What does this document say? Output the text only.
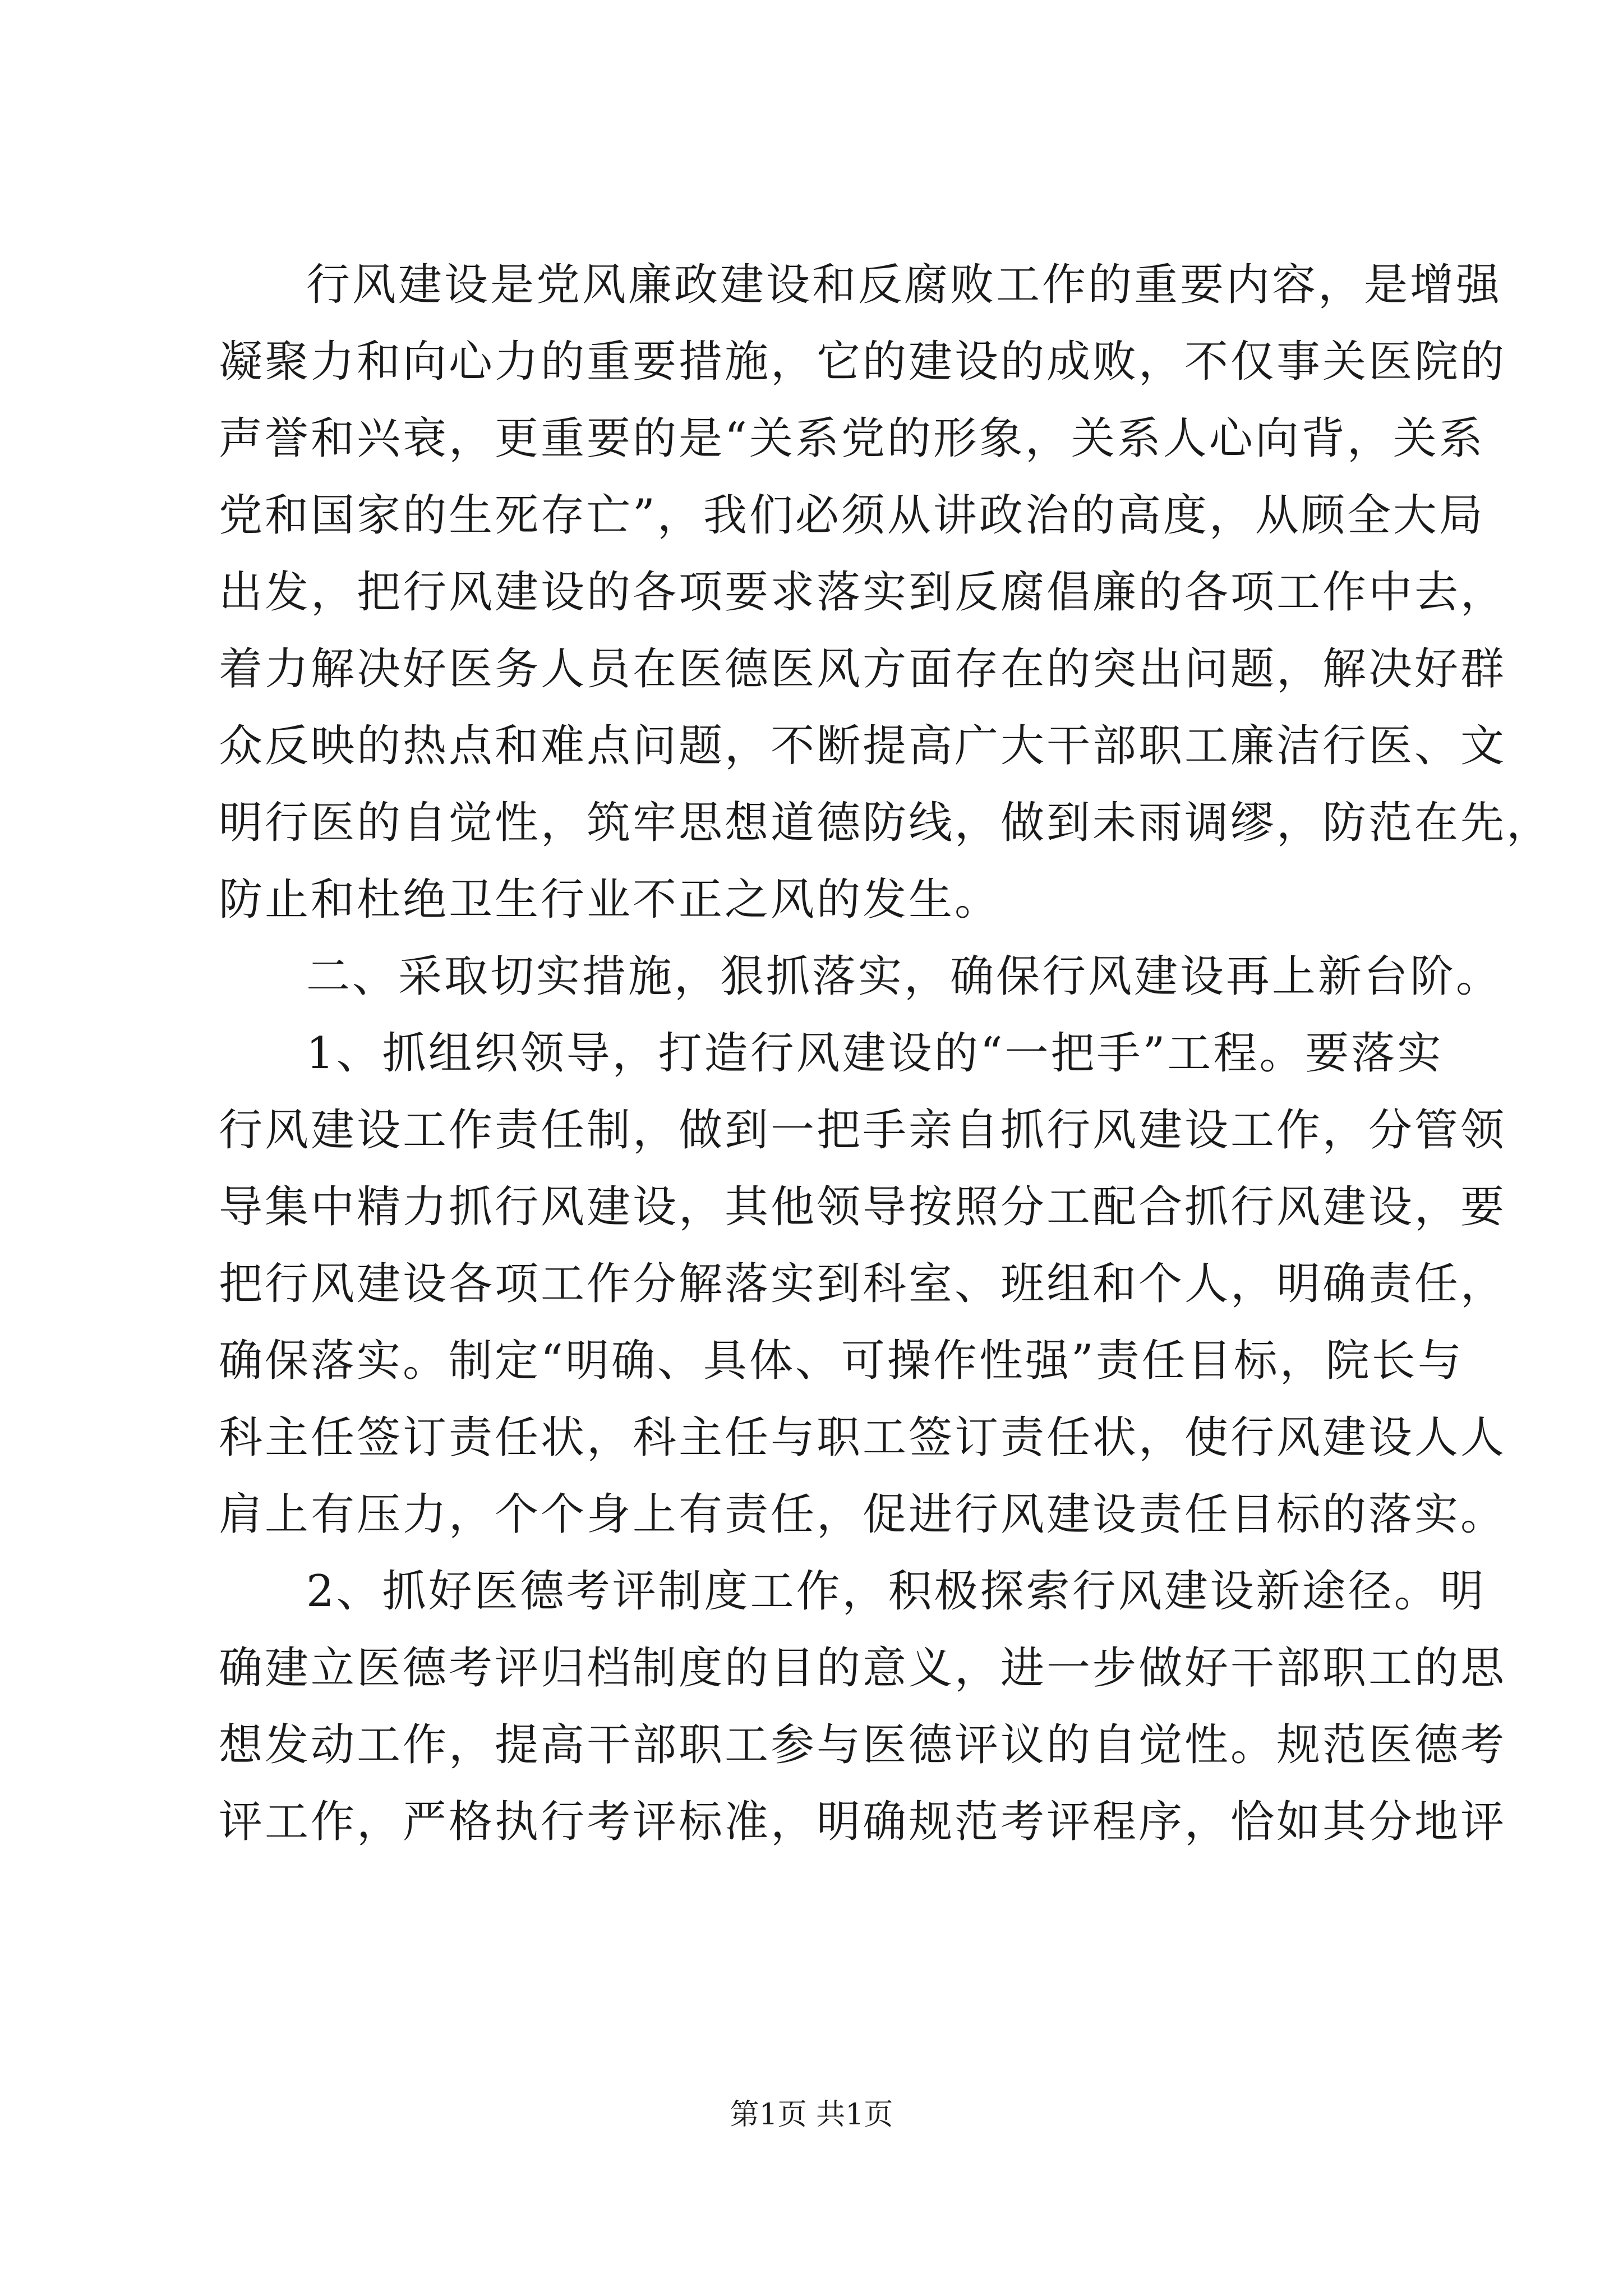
行风建设是党风廉政建设和反腐败工作的重要内容，是增强
凝聚力和向心力的重要措施，它的建设的成败，不仅事关医院的
声誉和兴衰，更重要的是“关系党的形象，关系人心向背，关系
党和国家的生死存亡”，我们必须从讲政治的高度，从顾全大局
出发，把行风建设的各项要求落实到反腐倡廉的各项工作中去，
着力解决好医务人员在医德医风方面存在的突出问题，解决好群
众反映的热点和难点问题，不断提高广大干部职工廉洁行医、文
明行医的自觉性，筑牢思想道德防线，做到未雨调缪，防范在先，
防止和杜绝卫生行业不正之风的发生。
二、采取切实措施，狠抓落实，确保行风建设再上新台阶。
1、抓组织领导，打造行风建设的“一把手”工程。要落实
行风建设工作责任制，做到一把手亲自抓行风建设工作，分管领
导集中精力抓行风建设，其他领导按照分工配合抓行风建设，要
把行风建设各项工作分解落实到科室、班组和个人，明确责任，
确保落实。制定“明确、具体、可操作性强”责任目标，院长与
科主任签订责任状，科主任与职工签订责任状，使行风建设人人
肩上有压力，个个身上有责任，促进行风建设责任目标的落实。
2、抓好医德考评制度工作，积极探索行风建设新途径。明
确建立医德考评归档制度的目的意义，进一步做好干部职工的思
想发动工作，提高干部职工参与医德评议的自觉性。规范医德考
评工作，严格执行考评标准，明确规范考评程序，恰如其分地评
第1页 共1页
